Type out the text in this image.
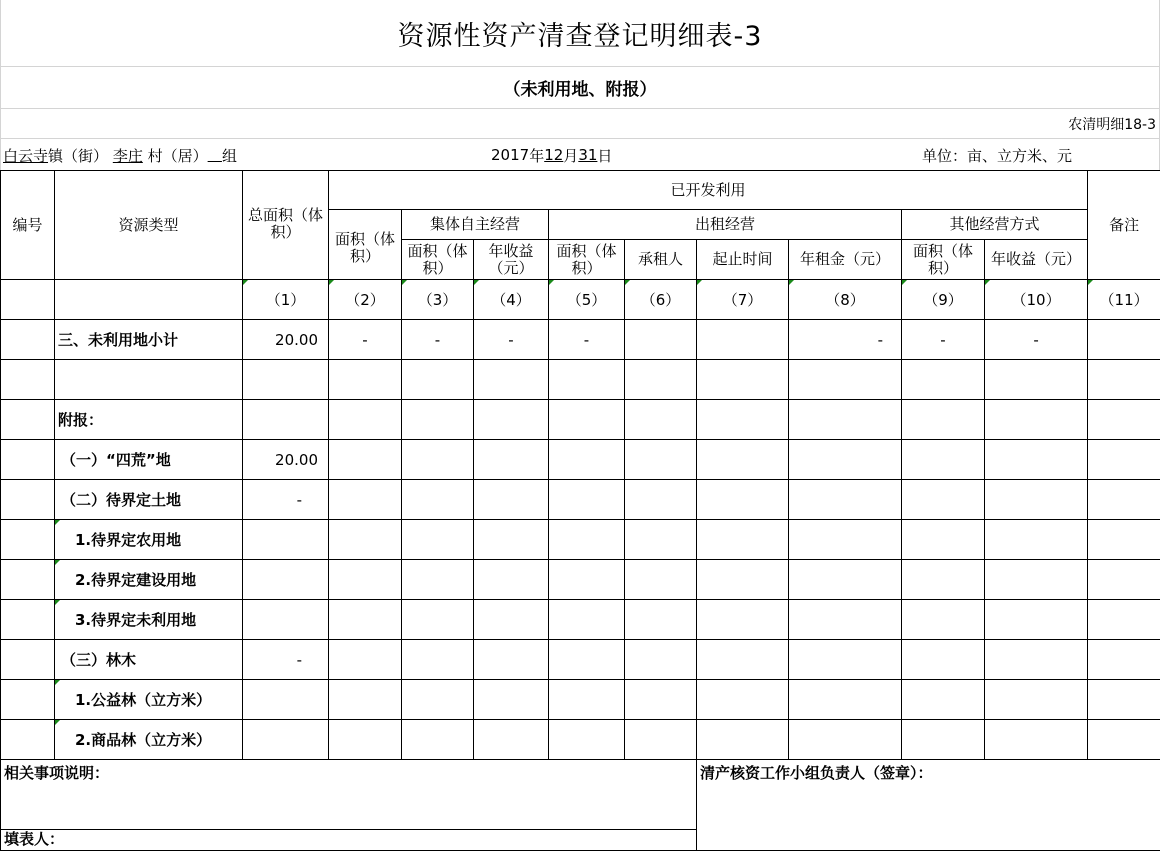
资源性资产清查登记明细表-3
（未利用地、附报）
农清明细18-3
白云寺 镇（街）
李庄
村（居）
组	2017 年 12 月 31 日	单位：亩、立方米、元
编号	资源类型	总面积（体积）	已开发利用									备注
			面积（体积）	集体自主经营		出租经营				其他经营方式		
				面积（体积）	年收益（元）	面积（体积）	承租人	起止时间	年租金（元）	面积（体积）	年收益（元）	
		（1）	（2）	（3）	（4）	（5）	（6）	（7）	（8）	（9）	（10）	（11）
	三、未利用地小计	20.00	-	-	-	-			-	-	-	

	附报：											
	（一）“四荒”地	20.00										
	（二）待界定土地	-										
	1.待界定农用地											
	2.待界定建设用地											
	3.待界定未利用地											
	（三）林木	-										
	1.公益林（立方米）											
	2.商品林（立方米）											
相关事项说明：								清产核资工作小组负责人（签章）：				
填表人：												
